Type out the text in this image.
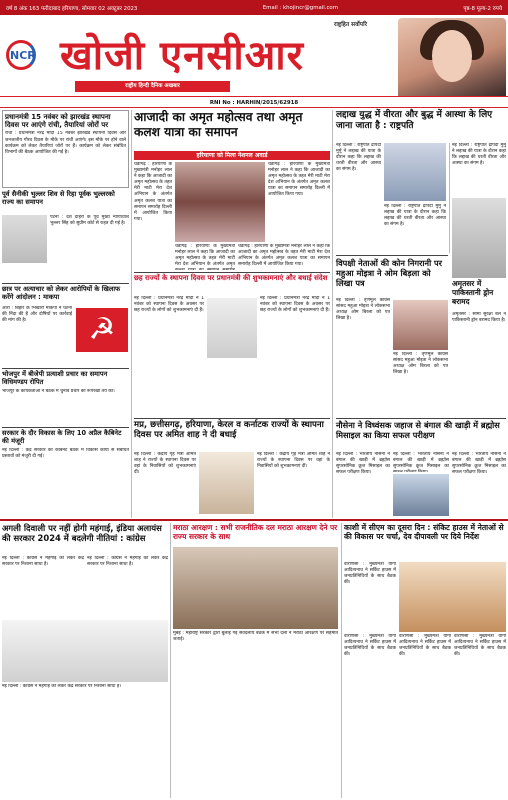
वर्ष 8 अंक 163 फरीदाबाद हरियाणा, सोमवार 02 अक्टूबर 2023	Email : khojincr@gmail.com	पृष्ठ-8 मूल्य-2 रुपये
NCR खोजी एनसीआर
राष्ट्रहित सर्वोपरि
राष्ट्रीय हिन्दी दैनिक अखबार
RNI No : HARHIN/2015/62918
प्रधानमंत्री 15 नवंबर को झारखंड स्थापना दिवस पर आएंगे रांची, तैयारियां जोरों पर
रांची : प्रधानमंत्री नरेंद्र मोदी 15 नवंबर झारखंड स्थापना दिवस और जनजातीय गौरव दिवस के मौके पर रांची आएंगे। इस मौके पर होने वाले कार्यक्रम को लेकर तैयारियां जोरों पर हैं। कार्यक्रम को लेकर संबंधित विभागों की बैठक आयोजित की गई है।
पूर्व सैनीकी भुल्लर शिव से रिहा पूर्वक भुल्लरको राज्य का समापन
पटना : देश दोहरा के पूर्व मुख्य न्यायाधीश भुल्लर सिंह को सुप्रीम कोर्ट से राहत दी गई है।
छात्र पर अत्याचार को लेकर आरोपियों के खिलाफ करेंगे आंदोलन : माकपा
आरा : बिहार के भिखारी माकपा ने घटना की निंदा की है और दोषियों पर कार्रवाई की मांग की है।	☭
भोजपुर में बीजेपी प्रत्याशी प्रचार का समापन विधिमण्डप रोपित
भोजपुर के कार्यकर्ताओं ने बैठक में चुनाव प्रचार की रूपरेखा तय की।
सरकार के दौर विकास के लिए 10 अप्रैल कैबिनेट की मंजूरी
नई दिल्ली : केंद्र सरकार की कैबिनेट बैठक में विकास कार्यों से संबंधित प्रस्तावों को मंजूरी दी गई।
आजादी का अमृत महोत्सव तथा अमृत कलश यात्रा का समापन
हरियाणा को मिला नेशनल अवार्ड
चंडीगढ़ : हरियाणा के मुख्यमंत्री मनोहर लाल ने कहा कि आजादी का अमृत महोत्सव के तहत मेरी माटी मेरा देश अभियान के अंतर्गत अमृत कलश यात्रा का समापन समारोह दिल्ली में आयोजित किया गया।
चंडीगढ़ : हरियाणा के मुख्यमंत्री मनोहर लाल ने कहा कि आजादी का अमृत महोत्सव के तहत मेरी माटी मेरा देश अभियान के अंतर्गत अमृत कलश यात्रा का समापन समारोह दिल्ली में आयोजित किया गया।
चंडीगढ़ : हरियाणा के मुख्यमंत्री मनोहर लाल ने कहा कि आजादी का अमृत महोत्सव के तहत मेरी माटी मेरा देश अभियान के अंतर्गत अमृत
चंडीगढ़ : हरियाणा के मुख्यमंत्री मनोहर लाल ने कहा कि आजादी का अमृत महोत्सव के तहत मेरी माटी मेरा देश अभियान के अंतर्गत अमृत कलश यात्रा का समापन समारोह दिल्ली में आयोजित किया गया।
छह राज्यों के स्थापना दिवस पर प्रधानमंत्री की शुभकामनाएं और बधाई संदेश
नई दिल्ली : प्रधानमंत्री नरेंद्र मोदी ने 1 नवंबर को स्थापना दिवस के अवसर पर छह राज्यों के लोगों को शुभकामनाएं दी हैं।
नई दिल्ली : प्रधानमंत्री नरेंद्र मोदी ने 1 नवंबर को स्थापना दिवस के अवसर पर छह राज्यों के लोगों को शुभकामनाएं दी हैं।
मप्र, छत्तीसगढ़, हरियाणा, केरल व कर्नाटक राज्यों के स्थापना दिवस पर अमित शाह ने दी बधाई
नई दिल्ली : केंद्रीय गृह मंत्री अमित शाह ने राज्यों के स्थापना दिवस पर वहां के निवासियों को शुभकामनाएं दीं।
नई दिल्ली : केंद्रीय गृह मंत्री अमित शाह ने राज्यों के स्थापना दिवस पर वहां के निवासियों को शुभकामनाएं दीं।
लद्दाख युद्ध में वीरता और बुद्ध में आस्था के लिए जाना जाता है : राष्ट्रपति
नई दिल्ली : राष्ट्रपति द्रौपदी मुर्मु ने लद्दाख की यात्रा के दौरान कहा कि लद्दाख की धरती वीरता और आस्था का संगम है।
नई दिल्ली : राष्ट्रपति द्रौपदी मुर्मु ने लद्दाख की यात्रा के दौरान कहा कि लद्दाख की धरती वीरता और आस्था का संगम है।
नई दिल्ली : राष्ट्रपति द्रौपदी मुर्मु ने लद्दाख की यात्रा के दौरान कहा कि लद्दाख की धरती वीरता और आस्था का संगम है।
अमृतसर में पाकिस्तानी ड्रोन बरामद
अमृतसर : सीमा सुरक्षा बल ने पाकिस्तानी ड्रोन बरामद किया है।
विपक्षी नेताओं की कोन निगरानी पर महुआ मोइत्रा ने ओम बिड़ला को लिखा पत्र
नई दिल्ली : तृणमूल कांग्रेस सांसद महुआ मोइत्रा ने लोकसभा अध्यक्ष ओम बिरला को पत्र लिखा है।
नई दिल्ली : तृणमूल कांग्रेस सांसद महुआ मोइत्रा ने लोकसभा अध्यक्ष ओम बिरला को पत्र लिखा है।
नौसेना ने विध्वंसक जहाज से बंगाल की खाड़ी में ब्रह्मोस मिसाइल का किया सफल परीक्षण
नई दिल्ली : भारतीय नौसेना ने बंगाल की खाड़ी में ब्रह्मोस सुपरसोनिक क्रूज मिसाइल का सफल परीक्षण किया।
नई दिल्ली : भारतीय नौसेना ने बंगाल की खाड़ी में ब्रह्मोस सुपरसोनिक क्रूज मिसाइल का
नई दिल्ली : भारतीय नौसेना ने बंगाल की खाड़ी में ब्रह्मोस सुपरसोनिक क्रूज मिसाइल का सफल परीक्षण किया।
अगली दिवाली पर नहीं होगी महंगाई, इंडिया अलायंस की सरकार 2024 में बदलेगी नीतियां : कांग्रेस
नई दिल्ली : कांग्रेस ने महंगाई को लेकर केंद्र सरकार पर निशाना साधा है।
नई दिल्ली : कांग्रेस ने महंगाई को लेकर केंद्र सरकार पर निशाना साधा है।
नई दिल्ली : कांग्रेस ने महंगाई को लेकर केंद्र सरकार पर निशाना साधा है।
मराठा आरक्षण : सभी राजनीतिक दल मराठा आरक्षण देने पर राज्य सरकार के साथ
मुंबई : महाराष्ट्र सरकार द्वारा बुलाई गई सर्वदलीय बैठक में सभी दलों ने मराठा आरक्षण पर सहमति जताई।
काशी में सीएम का दूसरा दिन : संकिट हाउस में नेताओं से की विकास पर चर्चा, देव दीपावली पर दिये निर्देश
वाराणसी : मुख्यमंत्री योगी आदित्यनाथ ने सर्किट हाउस में जनप्रतिनिधियों के साथ बैठक की।
वाराणसी : मुख्यमंत्री योगी आदित्यनाथ ने सर्किट हाउस में जनप्रतिनिधियों के साथ बैठक की।
वाराणसी : मुख्यमंत्री योगी आदित्यनाथ ने सर्किट हाउस में जनप्रतिनिधियों के साथ बैठक की।
वाराणसी : मुख्यमंत्री योगी आदित्यनाथ ने सर्किट हाउस में जनप्रतिनिधियों के साथ बैठक की।
